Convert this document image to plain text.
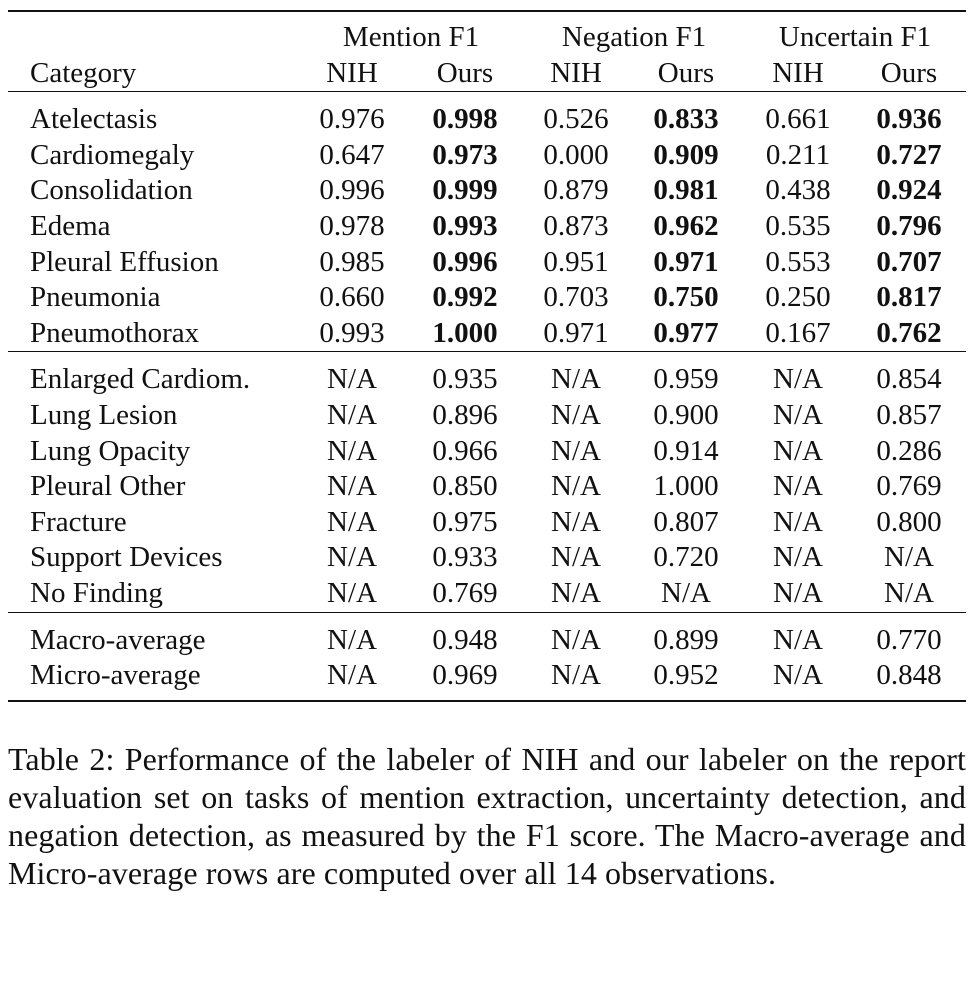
	Mention F1		Negation F1		Uncertain F1	
Category	NIH	Ours	NIH	Ours	NIH	Ours

Atelectasis	0.976	0.998	0.526	0.833	0.661	0.936
Cardiomegaly	0.647	0.973	0.000	0.909	0.211	0.727
Consolidation	0.996	0.999	0.879	0.981	0.438	0.924
Edema	0.978	0.993	0.873	0.962	0.535	0.796
Pleural Effusion	0.985	0.996	0.951	0.971	0.553	0.707
Pneumonia	0.660	0.992	0.703	0.750	0.250	0.817
Pneumothorax	0.993	1.000	0.971	0.977	0.167	0.762

Enlarged Cardiom.	N/A	0.935	N/A	0.959	N/A	0.854
Lung Lesion	N/A	0.896	N/A	0.900	N/A	0.857
Lung Opacity	N/A	0.966	N/A	0.914	N/A	0.286
Pleural Other	N/A	0.850	N/A	1.000	N/A	0.769
Fracture	N/A	0.975	N/A	0.807	N/A	0.800
Support Devices	N/A	0.933	N/A	0.720	N/A	N/A
No Finding	N/A	0.769	N/A	N/A	N/A	N/A

Macro-average	N/A	0.948	N/A	0.899	N/A	0.770
Micro-average	N/A	0.969	N/A	0.952	N/A	0.848

Table 2: Performance of the labeler of NIH and our labeler on the report evaluation set on tasks of mention extraction, uncertainty detection, and negation detection, as measured by the F1 score. The Macro-average and Micro-average rows are computed over all 14 observations.
